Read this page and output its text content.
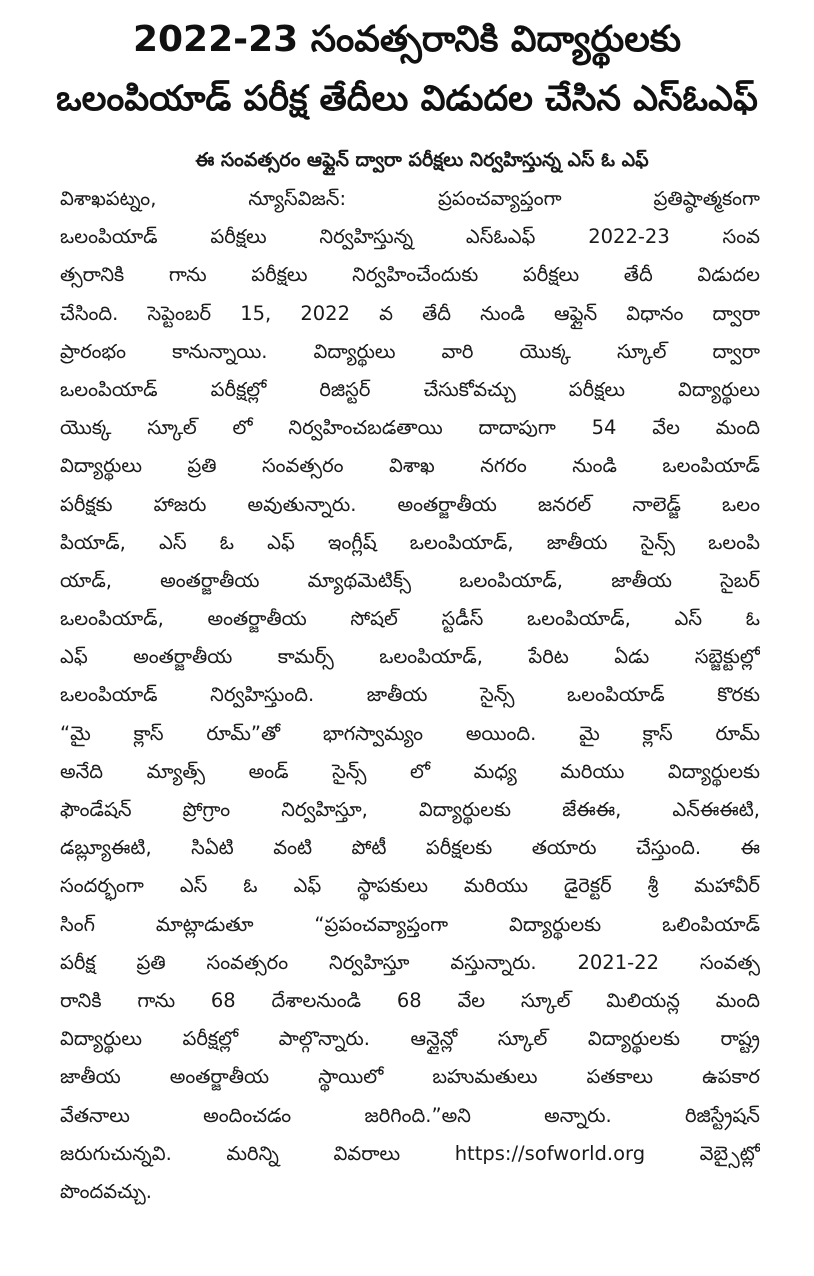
2022-23 సంవత్సరానికి విద్యార్థులకు
ఒలంపియాడ్ పరీక్ష తేదీలు విడుదల చేసిన ఎస్ఓఎఫ్
ఈ సంవత్సరం ఆఫ్లైన్ ద్వారా పరీక్షలు నిర్వహిస్తున్న ఎస్ ఓ ఎఫ్
విశాఖపట్నం, న్యూస్‌విజన్: ప్రపంచవ్యాప్తంగా ప్రతిష్ఠాత్మకంగా
ఒలంపియాడ్ పరీక్షలు నిర్వహిస్తున్న ఎస్ఓఎఫ్ 2022-23 సంవ
త్సరానికి గాను పరీక్షలు నిర్వహించేందుకు పరీక్షలు తేదీ విడుదల
చేసింది. సెప్టెంబర్ 15, 2022 వ తేదీ నుండి ఆఫ్లైన్ విధానం ద్వారా
ప్రారంభం కానున్నాయి. విద్యార్థులు వారి యొక్క స్కూల్ ద్వారా
ఒలంపియాడ్ పరీక్షల్లో రిజిస్టర్ చేసుకోవచ్చు పరీక్షలు విద్యార్థులు
యొక్క స్కూల్ లో నిర్వహించబడతాయి దాదాపుగా 54 వేల మంది
విద్యార్థులు ప్రతి సంవత్సరం విశాఖ నగరం నుండి ఒలంపియాడ్
పరీక్షకు హాజరు అవుతున్నారు. అంతర్జాతీయ జనరల్ నాలెడ్జ్ ఒలం
పియాడ్, ఎస్ ఓ ఎఫ్ ఇంగ్లీష్ ఒలంపియాడ్, జాతీయ సైన్స్ ఒలంపి
యాడ్, అంతర్జాతీయ మ్యాథమెటిక్స్ ఒలంపియాడ్, జాతీయ సైబర్
ఒలంపియాడ్, అంతర్జాతీయ సోషల్ స్టడీస్ ఒలంపియాడ్, ఎస్ ఓ
ఎఫ్ అంతర్జాతీయ కామర్స్ ఒలంపియాడ్, పేరిట ఏడు సబ్జెక్టుల్లో
ఒలంపియాడ్ నిర్వహిస్తుంది. జాతీయ సైన్స్ ఒలంపియాడ్ కొరకు
“మై క్లాస్ రూమ్”తో భాగస్వామ్యం అయింది. మై క్లాస్ రూమ్
అనేది మ్యాత్స్ అండ్ సైన్స్ లో మధ్య మరియు విద్యార్థులకు
ఫౌండేషన్ ప్రోగ్రాం నిర్వహిస్తూ, విద్యార్థులకు జేఈఈ, ఎన్ఈఈటి,
డబ్ల్యూఈటి, సిఏటి వంటి పోటీ పరీక్షలకు తయారు చేస్తుంది. ఈ
సందర్భంగా ఎస్ ఓ ఎఫ్ స్థాపకులు మరియు డైరెక్టర్ శ్రీ మహావీర్
సింగ్ మాట్లాడుతూ “ప్రపంచవ్యాప్తంగా విద్యార్థులకు ఒలింపియాడ్
పరీక్ష ప్రతి సంవత్సరం నిర్వహిస్తూ వస్తున్నారు. 2021-22 సంవత్స
రానికి గాను 68 దేశాలనుండి 68 వేల స్కూల్ మిలియన్ల మంది
విద్యార్థులు పరీక్షల్లో పాల్గొన్నారు. ఆన్లైన్లో స్కూల్ విద్యార్థులకు రాష్ట్ర
జాతీయ అంతర్జాతీయ స్థాయిలో బహుమతులు పతకాలు ఉపకార
వేతనాలు అందించడం జరిగింది.”అని అన్నారు. రిజిస్ట్రేషన్
జరుగుచున్నవి. మరిన్ని వివరాలు https://sofworld.org వెబ్సైట్లో
పొందవచ్చు.
